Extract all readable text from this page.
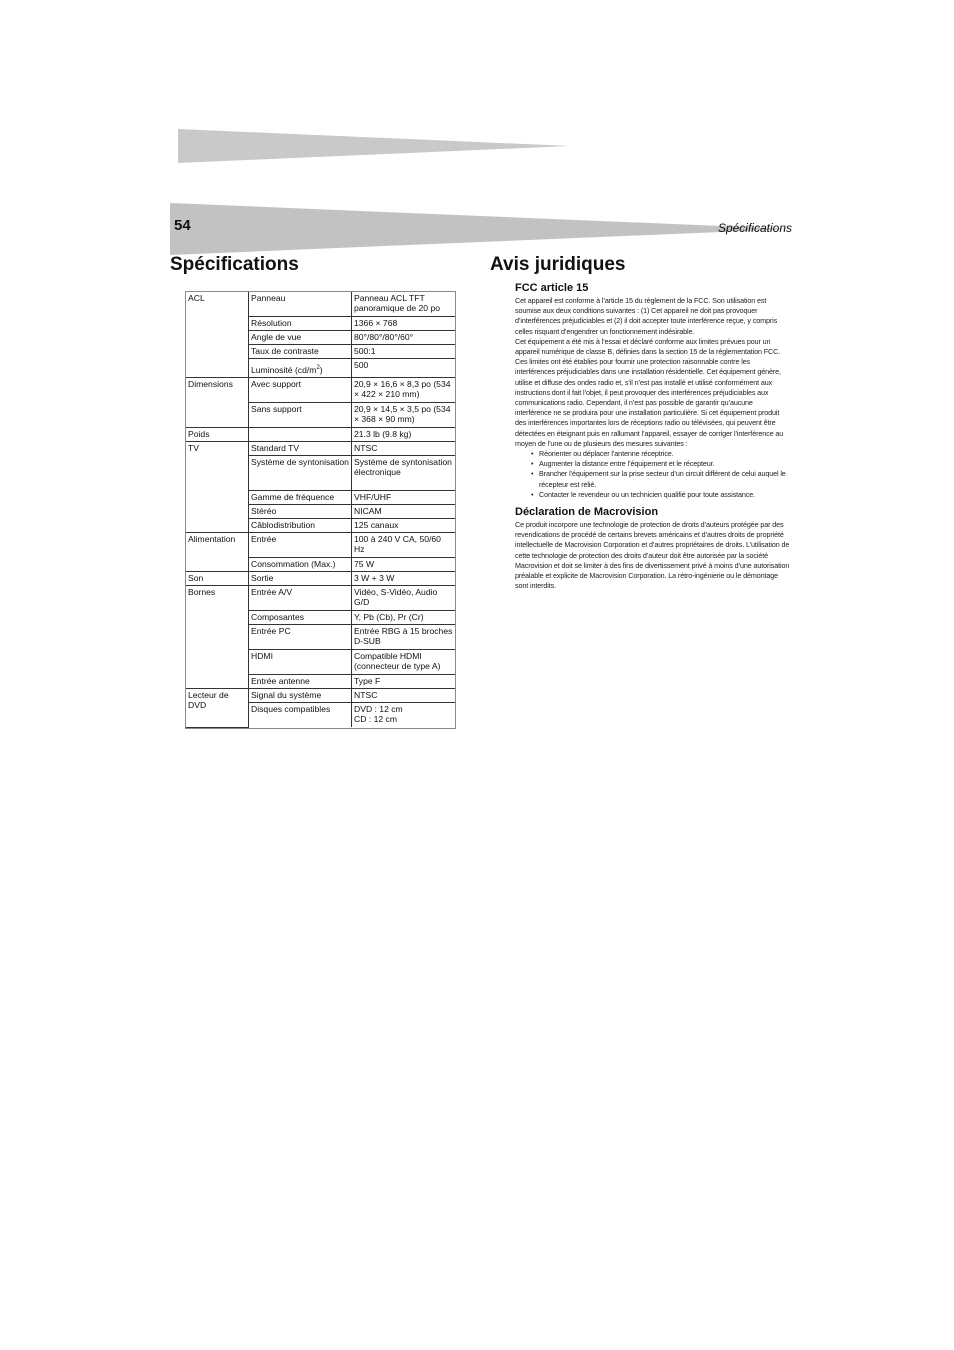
54	Spécifications
Spécifications	Avis juridiques
ACL	Panneau	Panneau ACL TFT panoramique de 20 po
	Résolution	1366 × 768
	Angle de vue	80°/80°/80°/60°
	Taux de contraste	500:1
	Luminosité $(cd/m^2)$	500
Dimensions	Avec support	20,9 × 16,6 × 8,3 po (534 × 422 × 210 mm)
	Sans support	20,9 × 14,5 × 3,5 po (534 × 368 × 90 mm)
Poids		21.3 lb (9.8 kg)
TV	Standard TV	NTSC
	Système de syntonisation	Système de syntonisation électronique
	Gamme de fréquence	VHF/UHF
	Stéréo	NICAM
	Câblodistribution	125 canaux
Alimentation	Entrée	100 à 240 V CA, 50/60 Hz
	Consommation (Max.)	75 W
Son	Sortie	3 W + 3 W
Bornes	Entrée A/V	Vidéo, S-Vidéo, Audio G/D
	Composantes	Y, Pb (Cb), Pr (Cr)
	Entrée PC	Entrée RBG à 15 broches D-SUB
	HDMI	Compatible HDMI (connecteur de type A)
	Entrée antenne	Type F
Lecteur de DVD	Signal du système	NTSC
	Disques compatibles	DVD : 12 cm
CD : 12 cm
FCC article 15

Cet appareil est conforme à l’article 15 du règlement de la FCC. Son utilisation est soumise aux deux conditions suivantes : (1) Cet appareil ne doit pas provoquer d’interférences préjudiciables et (2) il doit accepter toute interférence reçue, y compris celles risquant d’engendrer un fonctionnement indésirable.

Cet équipement a été mis à l’essai et déclaré conforme aux limites prévues pour un appareil numérique de classe B, définies dans la section 15 de la réglementation FCC. Ces limites ont été établies pour fournir une protection raisonnable contre les interférences préjudiciables dans une installation résidentielle. Cet équipement génère, utilise et diffuse des ondes radio et, s’il n’est pas installé et utilisé conformément aux instructions dont il fait l’objet, il peut provoquer des interférences préjudiciables aux communications radio. Cependant, il n’est pas possible de garantir qu’aucune interférence ne se produira pour une installation particulière. Si cet équipement produit des interférences importantes lors de réceptions radio ou télévisées, qui peuvent être détectées en éteignant puis en rallumant l’appareil, essayer de corriger l’interférence au moyen de l’une ou de plusieurs des mesures suivantes :

• Réorienter ou déplacer l’antenne réceptrice.
• Augmenter la distance entre l’équipement et le récepteur.
• Brancher l’équipement sur la prise secteur d’un circuit différent de celui auquel le récepteur est relié.
• Contacter le revendeur ou un technicien qualifié pour toute assistance.
Déclaration de Macrovision

Ce produit incorpore une technologie de protection de droits d’auteurs protégée par des revendications de procédé de certains brevets américains et d’autres droits de propriété intellectuelle de Macrovision Corporation et d’autres propriétaires de droits. L’utilisation de cette technologie de protection des droits d’auteur doit être autorisée par la société Macrovision et doit se limiter à des fins de divertissement privé à moins d’une autorisation préalable et explicite de Macrovision Corporation. La rétro-ingénierie ou le démontage sont interdits.
